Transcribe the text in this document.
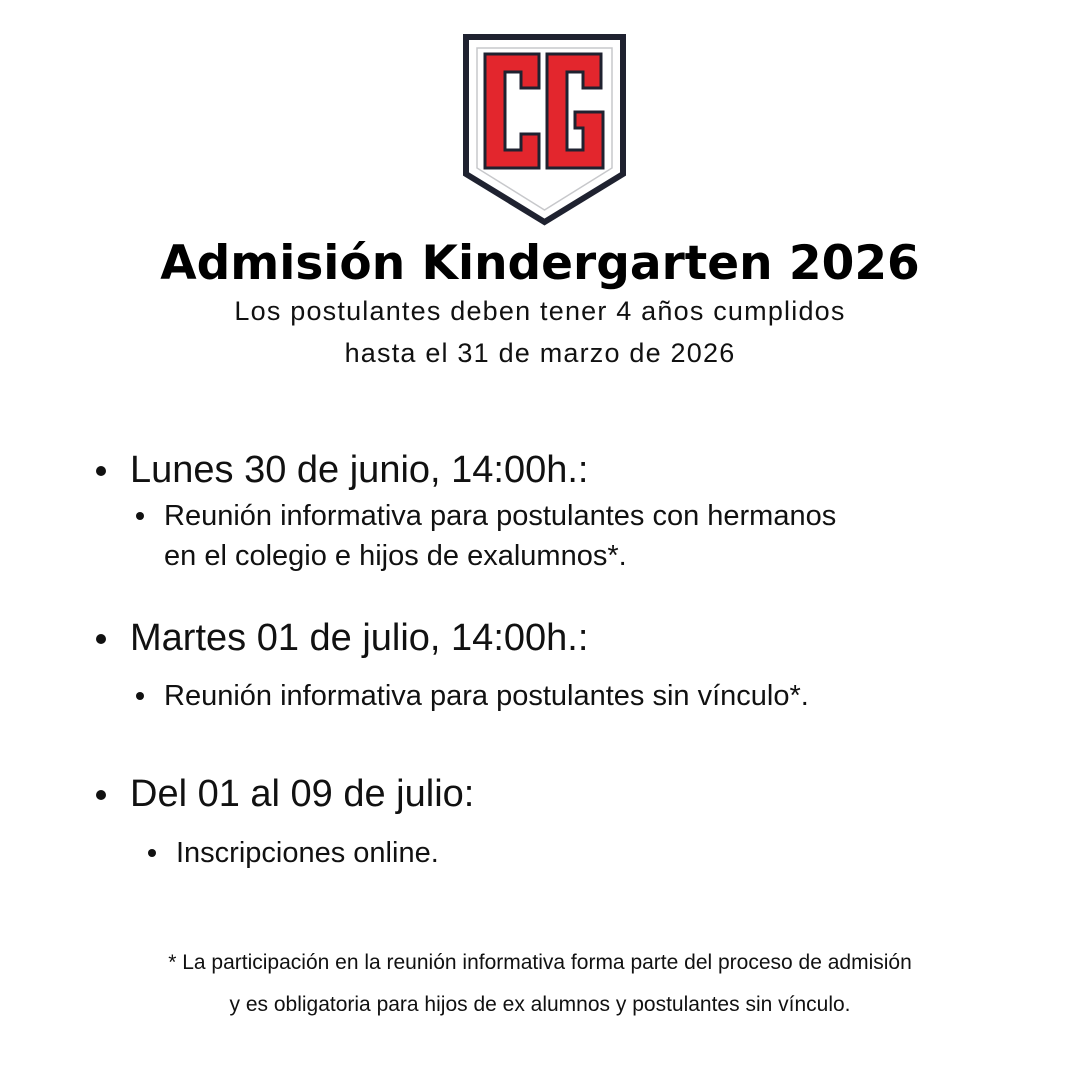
Admisión Kindergarten 2026
Los postulantes deben tener 4 años cumplidos
hasta el 31 de marzo de 2026
Lunes 30 de junio, 14:00h.:
Reunión informativa para postulantes con hermanos
en el colegio e hijos de exalumnos*.
Martes 01 de julio, 14:00h.:
Reunión informativa para postulantes sin vínculo*.
Del 01 al 09 de julio:
Inscripciones online.
* La participación en la reunión informativa forma parte del proceso de admisión
y es obligatoria para hijos de ex alumnos y postulantes sin vínculo.
